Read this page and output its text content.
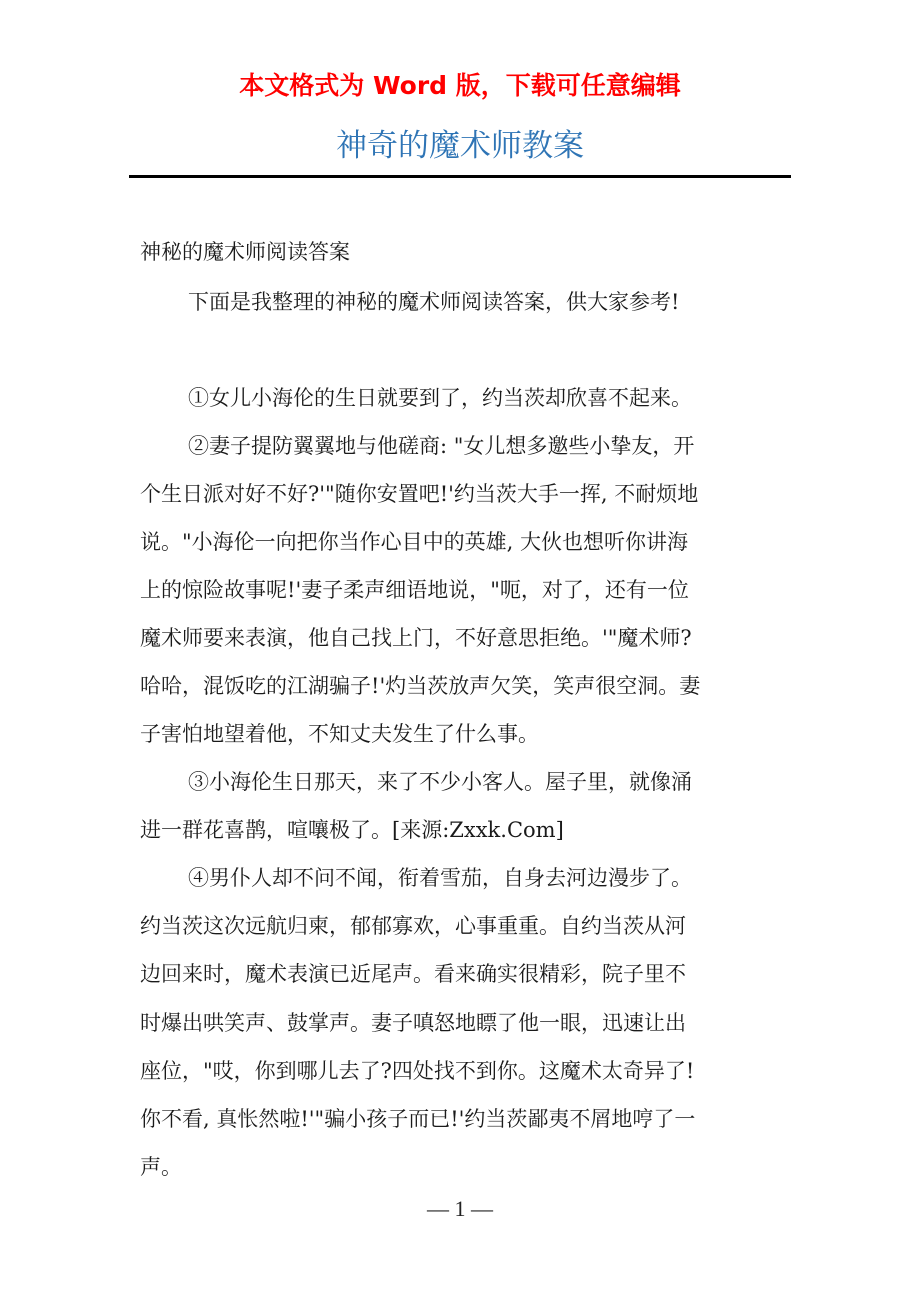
本文格式为 Word 版，下载可任意编辑
神奇的魔术师教案
神秘的魔术师阅读答案
下面是我整理的神秘的魔术师阅读答案，供大家参考!
①女儿小海伦的生日就要到了，约当茨却欣喜不起来。
②妻子提防翼翼地与他磋商: "女儿想多邀些小挚友，开
个生日派对好不好?'"随你安置吧!'约当茨大手一挥, 不耐烦地
说。"小海伦一向把你当作心目中的英雄, 大伙也想听你讲海
上的惊险故事呢!'妻子柔声细语地说，"呃，对了，还有一位
魔术师要来表演，他自己找上门，不好意思拒绝。'"魔术师?
哈哈，混饭吃的江湖骗子!'灼当茨放声欠笑，笑声很空洞。妻
子害怕地望着他，不知丈夫发生了什么事。
③小海伦生日那天，来了不少小客人。屋子里，就像涌
进一群花喜鹊，喧嚷极了。[来源:Zxxk.Com]
④男仆人却不问不闻，衔着雪茄，自身去河边漫步了。
约当茨这次远航归柬，郁郁寡欢，心事重重。自约当茨从河
边回来时，魔术表演已近尾声。看来确实很精彩，院子里不
时爆出哄笑声、鼓掌声。妻子嗔怒地瞟了他一眼，迅速让出
座位，"哎，你到哪儿去了?四处找不到你。这魔术太奇异了!
你不看, 真怅然啦!'"骗小孩子而已!'约当茨鄙夷不屑地哼了一
声。
— 1 —
